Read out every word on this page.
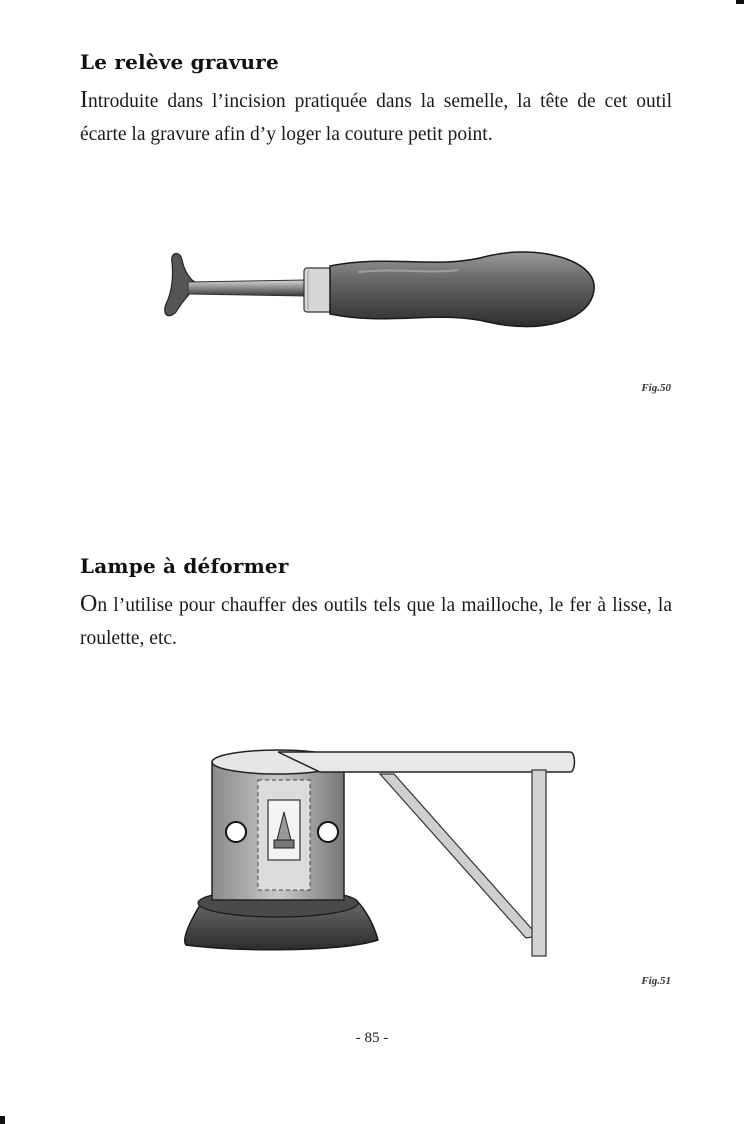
Le relève gravure

Introduite dans l’incision pratiquée dans la semelle, la tête de cet outil écarte la gravure afin d’y loger la couture petit point.

Fig.50

Lampe à déformer

On l’utilise pour chauffer des outils tels que la mailloche, le fer à lisse, la roulette, etc.

Fig.51

- 85 -
